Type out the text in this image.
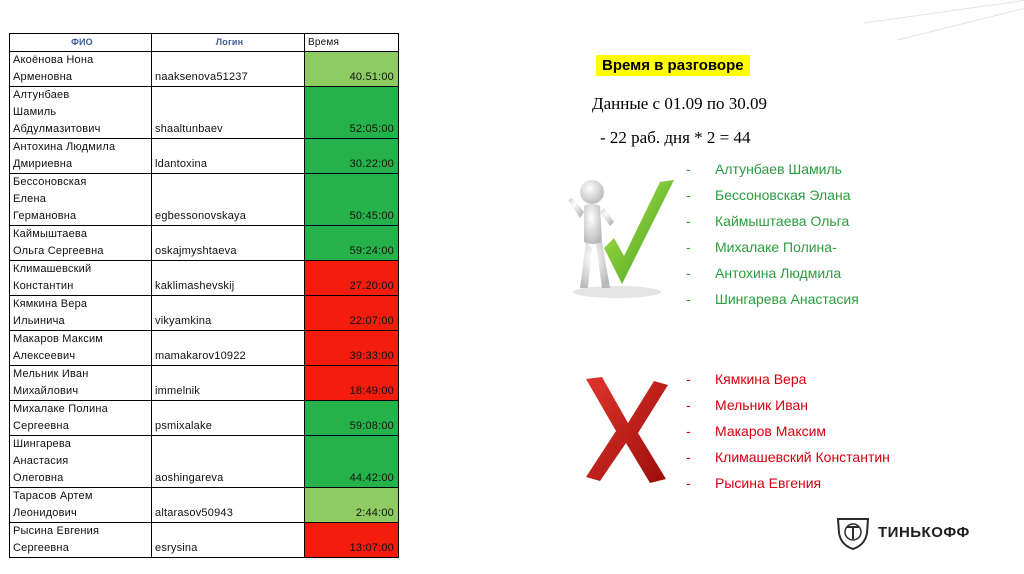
ФИО	Логин	Время

Акоёнова Нона
Армeновна	naaksenova51237	40.51:00

Алтунбаев
Шамиль
Абдулмазитович	shaaltunbaev	52:05:00

Антохина Людмила
Дмириевна	ldantoxina	30.22:00

Бессоновская
Елена
Германовна	egbessonovskaya	50:45:00

Каймыштаева
Ольга Сергеевна	oskajmyshtaeva	59:24:00

Климашевский
Константин	kaklimashevskij	27.20:00

Кямкина Вера
Ильиничa	vikyamkina	22:07:00

Макаров Максим
Алексеевич	mamakarov10922	39:33:00

Мельник Иван
Михайлович	immelnik	18:49:00

Михалаке Полина
Сергеевна	psmixalake	59:08:00

Шингарева
Анастасия
Олеговна	aoshingareva	44.42:00

Тарасов Артем
Леонидович	altarasov50943	2:44:00

Рысина Евгения
Сергеевна	esrysina	13:07:00
Время в разговоре
Данные с 01.09 по 30.09
- 22 раб. дня * 2 = 44
- Алтунбаев Шамиль
- Бессоновская Элана
- Каймыштаева Ольга
- Михалаке Полина-
- Антохина Людмила
- Шингарева Анастасия
- Кямкина Вера
- Мельник Иван
- Макаров Максим
- Климашевский Константин
- Рысина Евгения
ТИНЬКОФФ
